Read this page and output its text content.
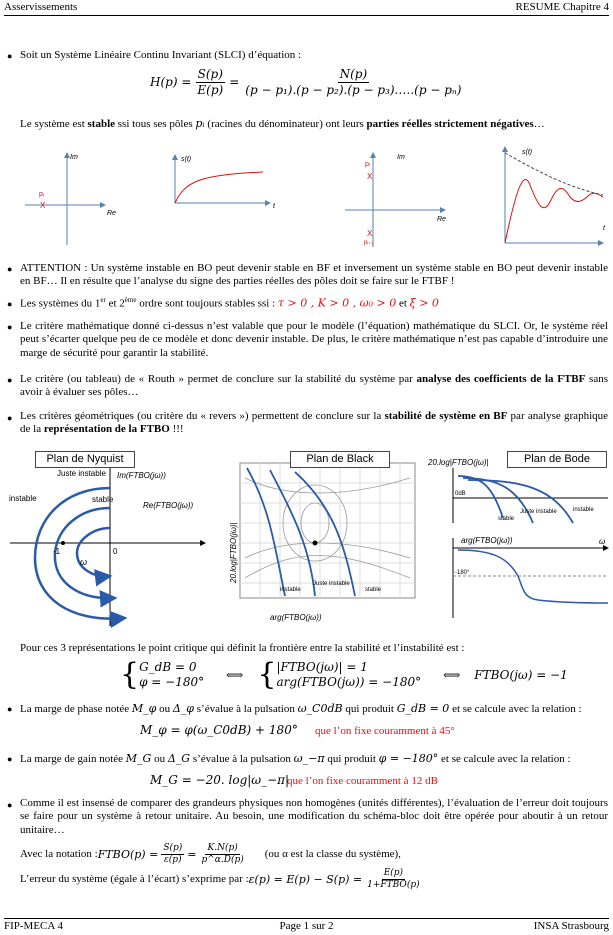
Asservissements	RESUME Chapitre 4
FIP-MECA 4	Page 1 sur 2	INSA Strasbourg
● Soit un Système Linéaire Continu Invariant (SLCI) d’équation :
$H(p) = \frac{S(p)}{E(p)} = \frac{N(p)}{\text{(p − p₁).(p − p₂).(p − p₃).….(p − pₙ)}}$
Le système est stable ssi tous ses pôles pᵢ (racines du dénominateur) ont leurs parties réelles strictement négatives…
Im
Re
pᵢ
X
s(t)
t
Im
Re
pᵢ
X
X
pᵢ₊₁
s(t)
t
● ATTENTION : Un système instable en BO peut devenir stable en BF et inversement un système stable en BO peut devenir instable en BF… Il en résulte que l’analyse du signe des parties réelles des pôles doit se faire sur le FTBF !
● Les systèmes du 1er et 2ème ordre sont toujours stables ssi : τ > 0 , K > 0 , ω₀ > 0 et ξ > 0
● Le critère mathématique donné ci-dessus n’est valable que pour le modèle (l’équation) mathématique du SLCI. Or, le système réel peut s’écarter quelque peu de ce modèle et donc devenir instable. De plus, le critère mathématique n’est pas capable d’introduire une marge de sécurité pour garantir la stabilité.
● Le critère (ou tableau) de « Routh » permet de conclure sur la stabilité du système par analyse des coefficients de la FTBF sans avoir à évaluer ses pôles…
● Les critères géométriques (ou critère du « revers ») permettent de conclure sur la stabilité de système en BF par analyse graphique de la représentation de la FTBO !!!
instable
Juste instable
stable
-1	0
ω
Im(FTBO(jω))
Re(FTBO(jω))
Plan de Nyquist
instable
Juste instable
stable
arg(FTBO(jω))
20.log|FTBO(jω)|
Plan de Black	20.log|FTBO(jω)|
0dB
stable
Juste instable	instable
arg(FTBO(jω))
-180°
ω
Plan de Bode
Pour ces 3 représentations le point critique qui définit la frontière entre la stabilité et l’instabilité est :
{ G_dB = 0
φ = −180°
⟺ { |FTBO(jω)| = 1
arg(FTBO(jω)) = −180°
⟺ FTBO(jω) = −1
● La marge de phase notée M_φ ou Δ_φ s’évalue à la pulsation ω_C0dB qui produit G_dB = 0 et se calcule avec la relation :
M_φ = φ(ω_C0dB) + 180° que l’on fixe couramment à 45°
● La marge de gain notée M_G ou Δ_G s’évalue à la pulsation ω_−π qui produit φ = −180° et se calcule avec la relation :
M_G = −20. log|ω_−π|
que l’on fixe couramment à 12 dB
● Comme il est insensé de comparer des grandeurs physiques non homogènes (unités différentes), l’évaluation de l’erreur doit toujours se faire pour un système à retour unitaire. Au besoin, une modification du schéma-bloc doit être opérée pour aboutir à un retour unitaire…
Avec la notation : FTBO(p) = $\frac{S(p)}{\varepsilon(p)} = \frac{K.N(p)}{p\^{}\alpha.D(p)} (ou$ α est la classe du système),
L’erreur du système (égale à l’écart) s’exprime par : $\varepsilon(p) = E(p) - S(p) = \frac{E(p)}{\text{1+FTBO(p)}}$
